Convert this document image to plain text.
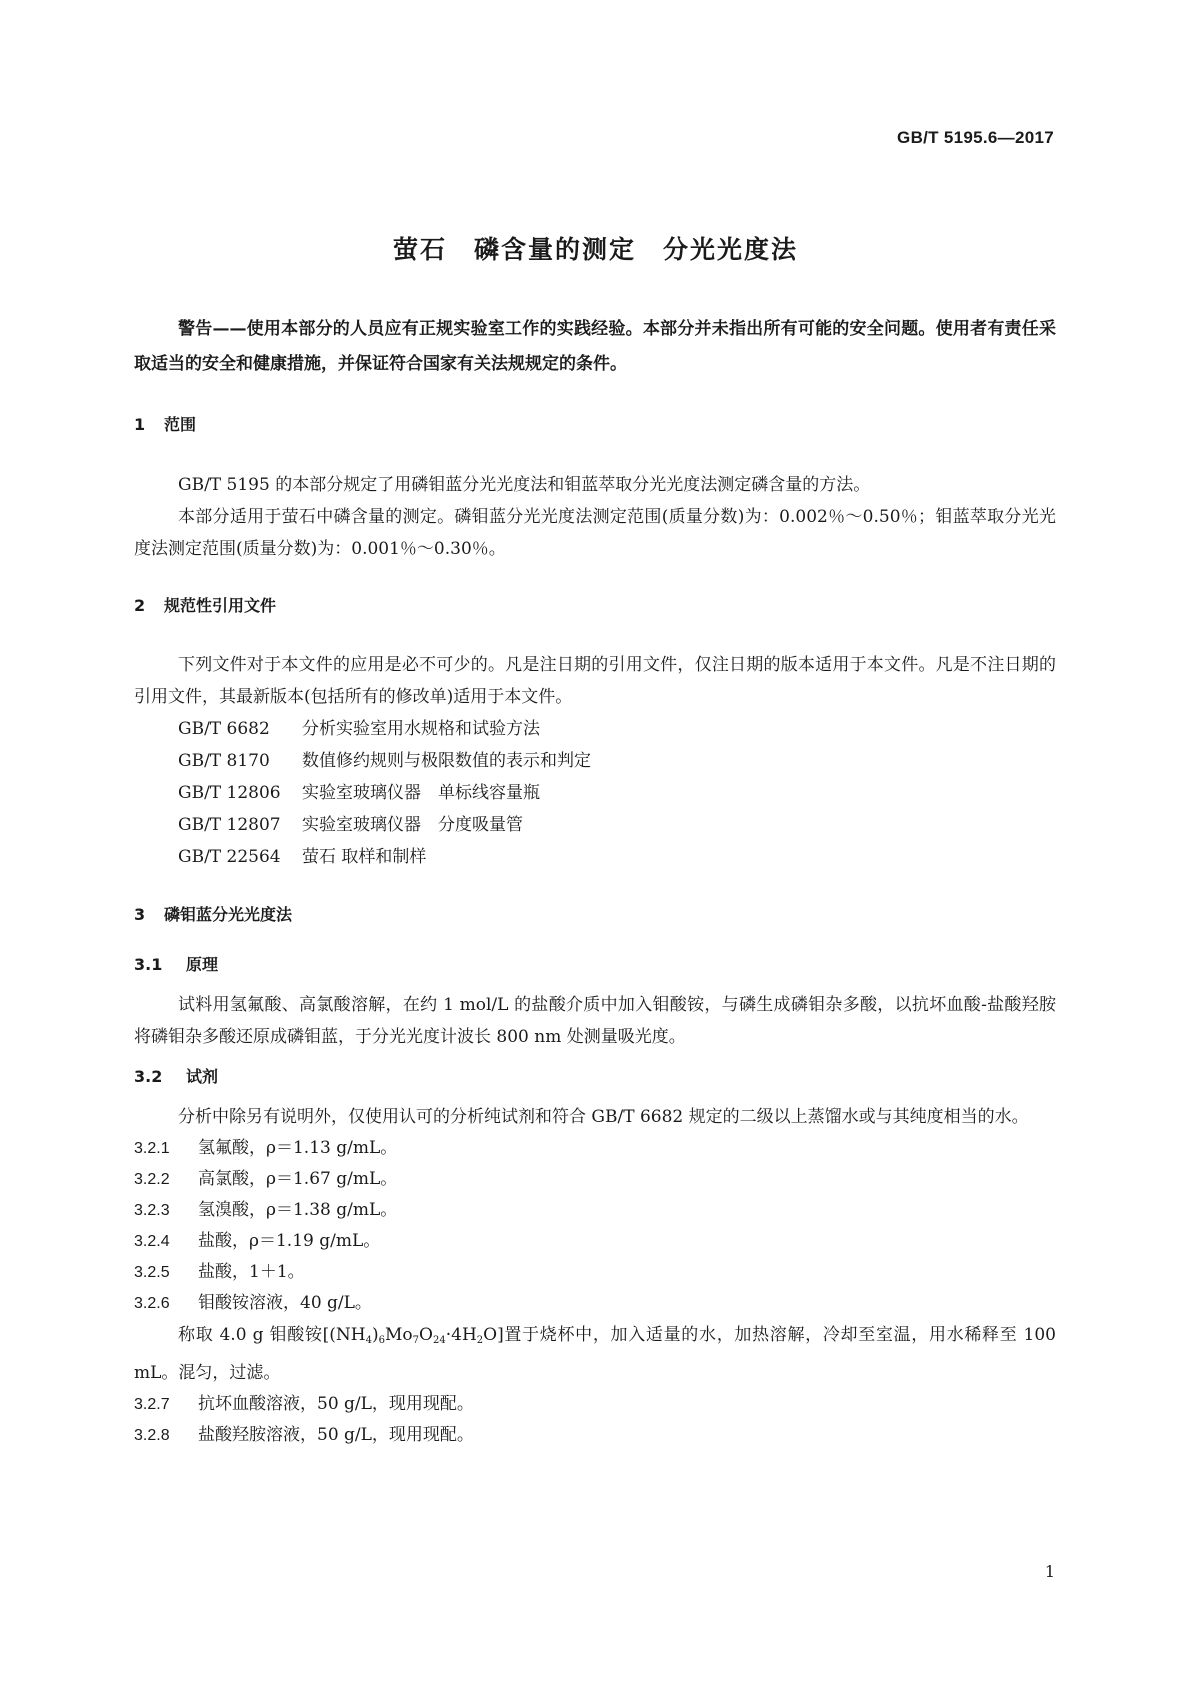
GB/T 5195.6—2017
萤石　磷含量的测定　分光光度法

警告——使用本部分的人员应有正规实验室工作的实践经验。本部分并未指出所有可能的安全问题。使用者有责任采取适当的安全和健康措施，并保证符合国家有关法规规定的条件。

1 范围

GB/T 5195 的本部分规定了用磷钼蓝分光光度法和钼蓝萃取分光光度法测定磷含量的方法。

本部分适用于萤石中磷含量的测定。磷钼蓝分光光度法测定范围(质量分数)为：0.002％～0.50％；钼蓝萃取分光光度法测定范围(质量分数)为：0.001％～0.30％。

2 规范性引用文件

下列文件对于本文件的应用是必不可少的。凡是注日期的引用文件，仅注日期的版本适用于本文件。凡是不注日期的引用文件，其最新版本(包括所有的修改单)适用于本文件。

GB/T 6682 分析实验室用水规格和试验方法

GB/T 8170 数值修约规则与极限数值的表示和判定

GB/T 12806 实验室玻璃仪器　单标线容量瓶

GB/T 12807 实验室玻璃仪器　分度吸量管

GB/T 22564 萤石 取样和制样

3 磷钼蓝分光光度法

3.1 原理

试料用氢氟酸、高氯酸溶解，在约 1 mol/L 的盐酸介质中加入钼酸铵，与磷生成磷钼杂多酸，以抗坏血酸-盐酸羟胺将磷钼杂多酸还原成磷钼蓝，于分光光度计波长 800 nm 处测量吸光度。

3.2 试剂

分析中除另有说明外，仅使用认可的分析纯试剂和符合 GB/T 6682 规定的二级以上蒸馏水或与其纯度相当的水。

3.2.1 氢氟酸，ρ＝1.13 g/mL。

3.2.2 高氯酸，ρ＝1.67 g/mL。

3.2.3 氢溴酸，ρ＝1.38 g/mL。

3.2.4 盐酸，ρ＝1.19 g/mL。

3.2.5 盐酸，1＋1。

3.2.6 钼酸铵溶液，40 g/L。

称取 4.0 g 钼酸铵$[(NH_4)_6Mo_7O_{24}\cdot 4H_2O]$置于烧杯中，加入适量的水，加热溶解，冷却至室温，用水稀释至 100 mL。混匀，过滤。

3.2.7 抗坏血酸溶液，50 g/L，现用现配。

3.2.8 盐酸羟胺溶液，50 g/L，现用现配。

1
